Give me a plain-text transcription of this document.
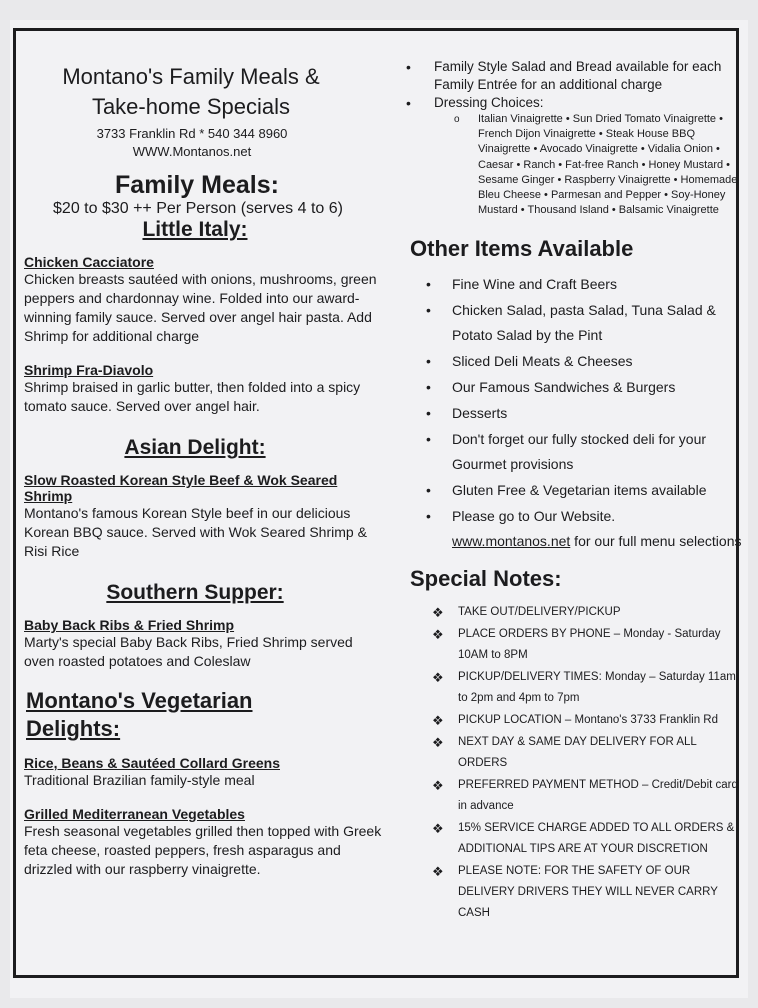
Montano's Family Meals &
Take-home Specials
3733 Franklin Rd * 540 344 8960
WWW.Montanos.net
Family Meals:
$20 to $30 ++ Per Person (serves 4 to 6)
Little Italy:
Chicken Cacciatore
Chicken breasts sautéed with onions, mushrooms, green peppers and chardonnay wine. Folded into our award-winning family sauce. Served over angel hair pasta. Add Shrimp for additional charge
Shrimp Fra-Diavolo
Shrimp braised in garlic butter, then folded into a spicy tomato sauce. Served over angel hair.
Asian Delight:
Slow Roasted Korean Style Beef & Wok Seared Shrimp
Montano's famous Korean Style beef in our delicious Korean BBQ sauce. Served with Wok Seared Shrimp & Risi Rice
Southern Supper:
Baby Back Ribs & Fried Shrimp
Marty's special Baby Back Ribs, Fried Shrimp served oven roasted potatoes and Coleslaw
Montano's Vegetarian Delights:
Rice, Beans & Sautéed Collard Greens
Traditional Brazilian family-style meal
Grilled Mediterranean Vegetables
Fresh seasonal vegetables grilled then topped with Greek feta cheese, roasted peppers, fresh asparagus and drizzled with our raspberry vinaigrette.
• Family Style Salad and Bread available for each Family Entrée for an additional charge
• Dressing Choices:
o Italian Vinaigrette • Sun Dried Tomato Vinaigrette • French Dijon Vinaigrette • Steak House BBQ Vinaigrette • Avocado Vinaigrette • Vidalia Onion • Caesar • Ranch • Fat-free Ranch • Honey Mustard • Sesame Ginger • Raspberry Vinaigrette • Homemade Bleu Cheese • Parmesan and Pepper • Soy-Honey Mustard • Thousand Island • Balsamic Vinaigrette
Other Items Available
• Fine Wine and Craft Beers
• Chicken Salad, pasta Salad, Tuna Salad & Potato Salad by the Pint
• Sliced Deli Meats & Cheeses
• Our Famous Sandwiches & Burgers
• Desserts
• Don't forget our fully stocked deli for your Gourmet provisions
• Gluten Free & Vegetarian items available
• Please go to Our Website.
www.montanos.net for our full menu selections
Special Notes:
❖ TAKE OUT/DELIVERY/PICKUP
❖ PLACE ORDERS BY PHONE – Monday - Saturday 10AM to 8PM
❖ PICKUP/DELIVERY TIMES: Monday – Saturday 11am to 2pm and 4pm to 7pm
❖ PICKUP LOCATION – Montano's 3733 Franklin Rd
❖ NEXT DAY & SAME DAY DELIVERY FOR ALL ORDERS
❖ PREFERRED PAYMENT METHOD – Credit/Debit card in advance
❖ 15% SERVICE CHARGE ADDED TO ALL ORDERS & ADDITIONAL TIPS ARE AT YOUR DISCRETION
❖ PLEASE NOTE: FOR THE SAFETY OF OUR DELIVERY DRIVERS THEY WILL NEVER CARRY CASH
